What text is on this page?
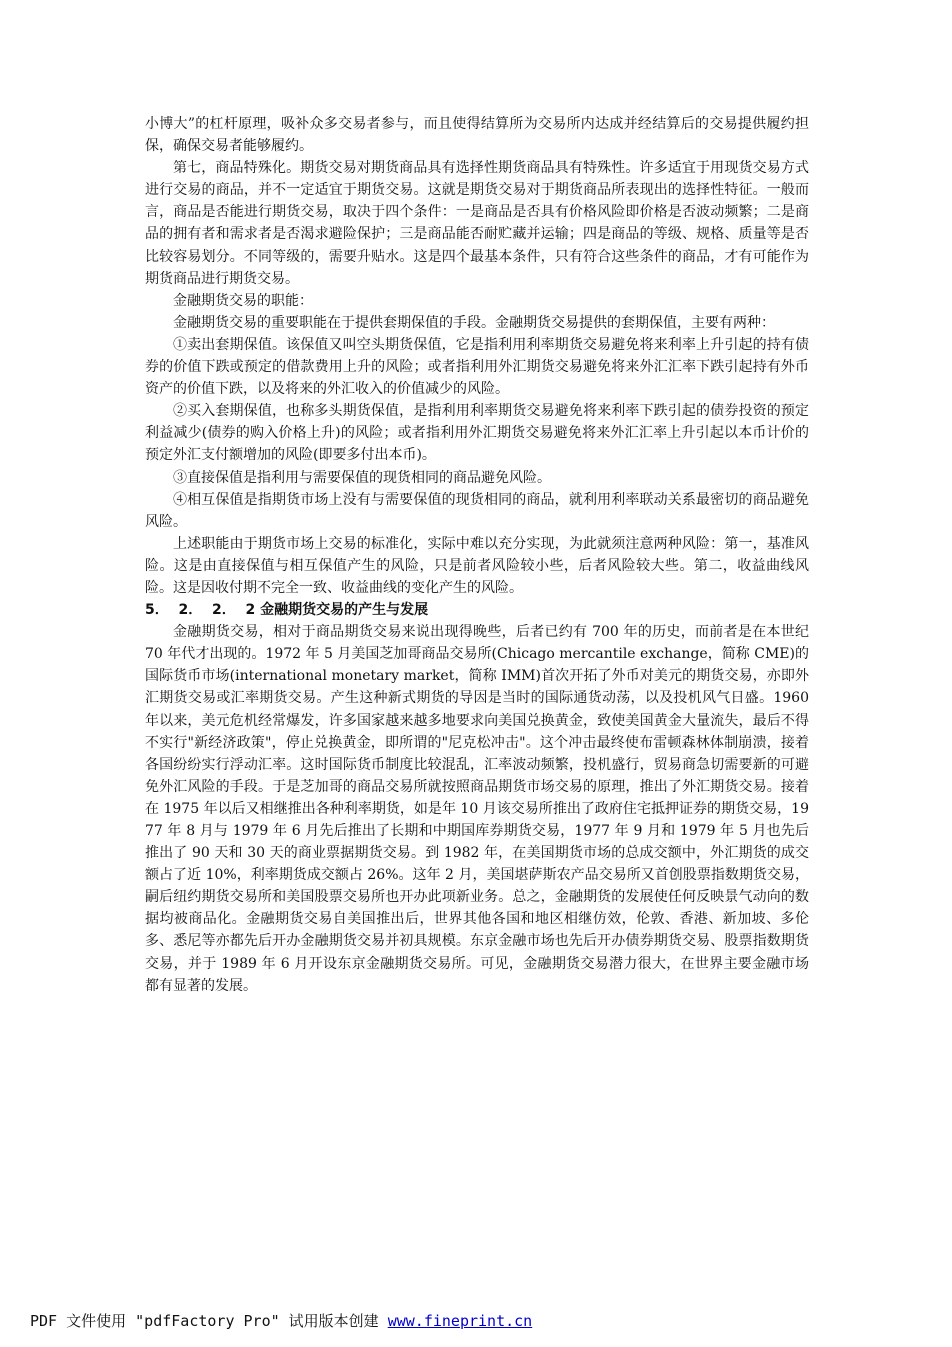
小博大”的杠杆原理，吸补众多交易者参与，而且使得结算所为交易所内达成并经结算后的交易提供履约担保，确保交易者能够履约。

第七，商品特殊化。期货交易对期货商品具有选择性期货商品具有特殊性。许多适宜于用现货交易方式进行交易的商品，并不一定适宜于期货交易。这就是期货交易对于期货商品所表现出的选择性特征。一般而言，商品是否能进行期货交易，取决于四个条件：一是商品是否具有价格风险即价格是否波动频繁；二是商品的拥有者和需求者是否渴求避险保护；三是商品能否耐贮藏并运输；四是商品的等级、规格、质量等是否比较容易划分。不同等级的，需要升贴水。这是四个最基本条件，只有符合这些条件的商品，才有可能作为期货商品进行期货交易。

金融期货交易的职能：

金融期货交易的重要职能在于提供套期保值的手段。金融期货交易提供的套期保值，主要有两种：

①卖出套期保值。该保值又叫空头期货保值，它是指利用利率期货交易避免将来利率上升引起的持有债券的价值下跌或预定的借款费用上升的风险；或者指利用外汇期货交易避免将来外汇汇率下跌引起持有外币资产的价值下跌，以及将来的外汇收入的价值减少的风险。

②买入套期保值，也称多头期货保值，是指利用利率期货交易避免将来利率下跌引起的债券投资的预定利益减少(债券的购入价格上升)的风险；或者指利用外汇期货交易避免将来外汇汇率上升引起以本币计价的预定外汇支付额增加的风险(即要多付出本币)。

③直接保值是指利用与需要保值的现货相同的商品避免风险。

④相互保值是指期货市场上没有与需要保值的现货相同的商品，就利用利率联动关系最密切的商品避免风险。

上述职能由于期货市场上交易的标准化，实际中难以充分实现，为此就须注意两种风险：第一，基准风险。这是由直接保值与相互保值产生的风险，只是前者风险较小些，后者风险较大些。第二，收益曲线风险。这是因收付期不完全一致、收益曲线的变化产生的风险。

5．  2．  2．  2 金融期货交易的产生与发展

金融期货交易，相对于商品期货交易来说出现得晚些，后者已约有 700 年的历史，而前者是在本世纪 70 年代才出现的。1972 年 5 月美国芝加哥商品交易所(Chicago mercantile exchange，简称 CME)的国际货币市场(international monetary market，简称 IMM)首次开拓了外币对美元的期货交易，亦即外汇期货交易或汇率期货交易。产生这种新式期货的导因是当时的国际通货动荡，以及投机风气日盛。1960 年以来，美元危机经常爆发，许多国家越来越多地要求向美国兑换黄金，致使美国黄金大量流失，最后不得不实行"新经济政策"，停止兑换黄金，即所谓的"尼克松冲击"。这个冲击最终使布雷顿森林体制崩溃，接着各国纷纷实行浮动汇率。这时国际货币制度比较混乱，汇率波动频繁，投机盛行，贸易商急切需要新的可避免外汇风险的手段。于是芝加哥的商品交易所就按照商品期货市场交易的原理，推出了外汇期货交易。接着在 1975 年以后又相继推出各种利率期货，如是年 10 月该交易所推出了政府住宅抵押证券的期货交易，1977 年 8 月与 1979 年 6 月先后推出了长期和中期国库券期货交易，1977 年 9 月和 1979 年 5 月也先后推出了 90 天和 30 天的商业票据期货交易。到 1982 年，在美国期货市场的总成交额中，外汇期货的成交额占了近 10%，利率期货成交额占 26%。这年 2 月，美国堪萨斯农产品交易所又首创股票指数期货交易，嗣后纽约期货交易所和美国股票交易所也开办此项新业务。总之，金融期货的发展使任何反映景气动向的数据均被商品化。金融期货交易自美国推出后，世界其他各国和地区相继仿效，伦敦、香港、新加坡、多伦多、悉尼等亦都先后开办金融期货交易并初具规模。东京金融市场也先后开办债券期货交易、股票指数期货交易，并于 1989 年 6 月开设东京金融期货交易所。可见，金融期货交易潜力很大，在世界主要金融市场都有显著的发展。

PDF 文件使用 "pdfFactory Pro" 试用版本创建 www.fineprint.cn
